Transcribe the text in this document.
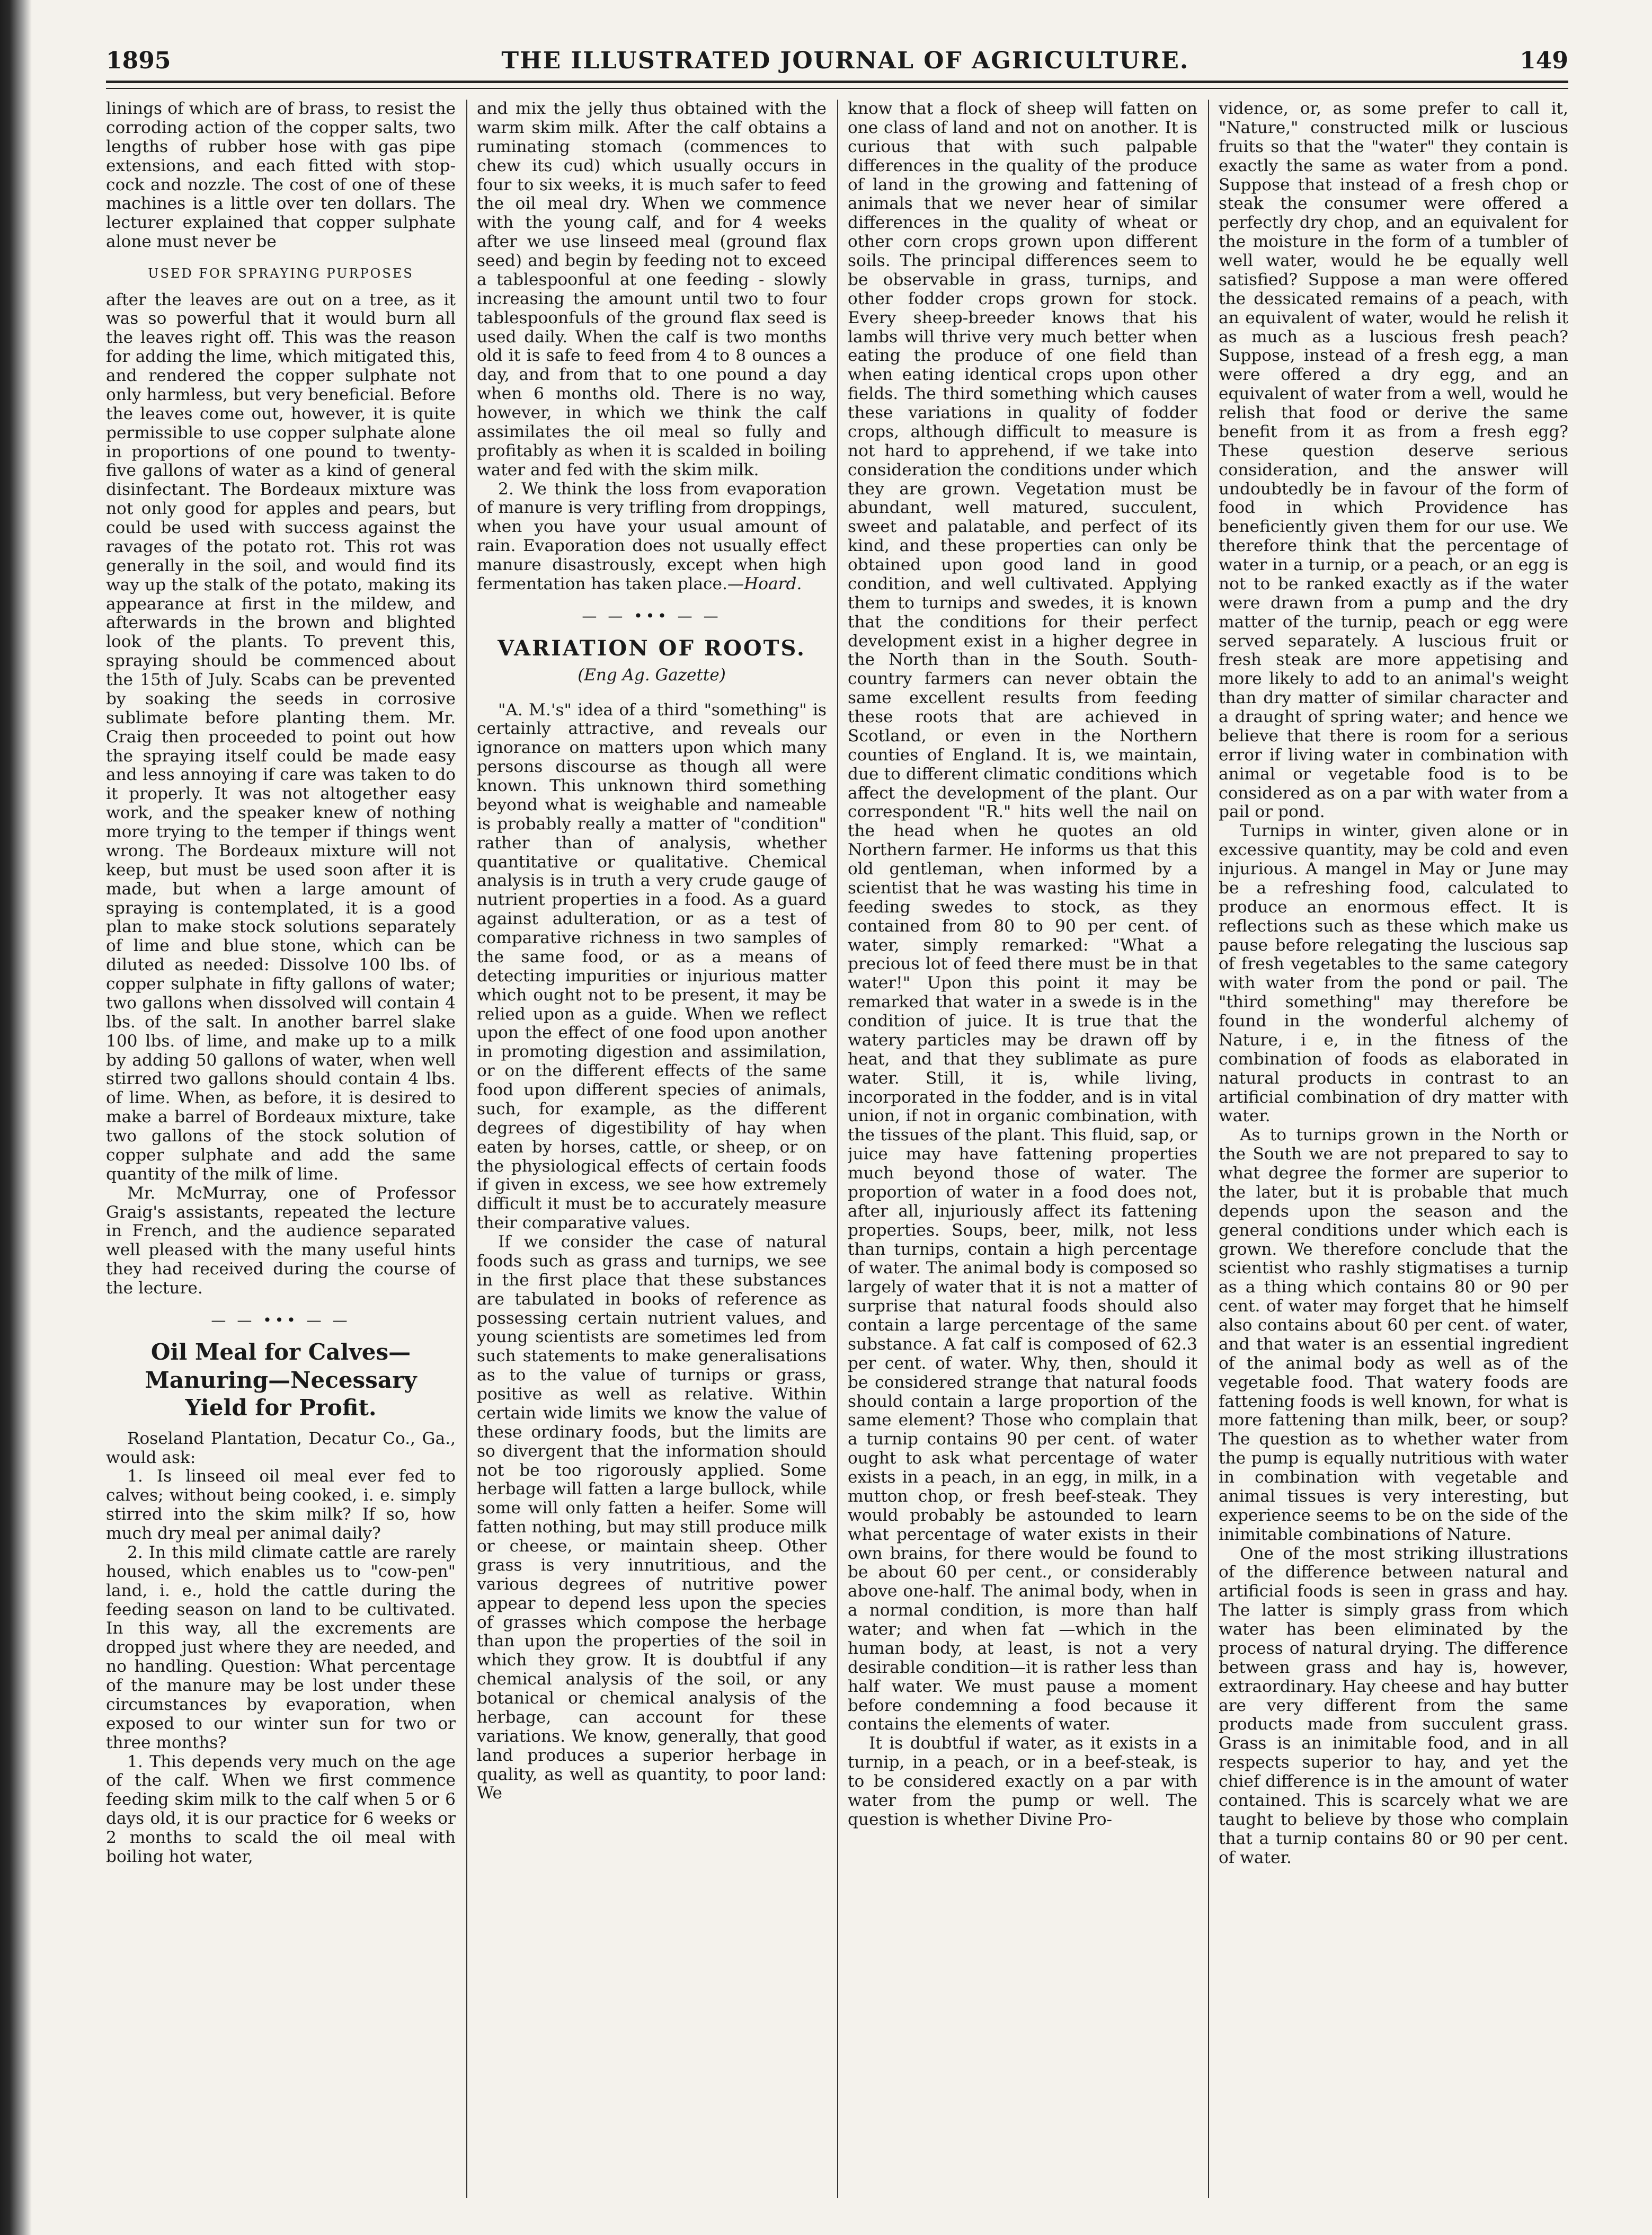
1895	THE ILLUSTRATED JOURNAL OF AGRICULTURE.	149

linings of which are of brass, to resist the corroding action of the copper salts, two lengths of rubber hose with gas pipe extensions, and each fitted with stop-cock and nozzle. The cost of one of these machines is a little over ten dollars. The lecturer explained that copper sulphate alone must never be

USED FOR SPRAYING PURPOSES

after the leaves are out on a tree, as it was so powerful that it would burn all the leaves right off. This was the reason for adding the lime, which mitigated this, and rendered the copper sulphate not only harmless, but very beneficial. Before the leaves come out, however, it is quite permissible to use copper sulphate alone in proportions of one pound to twenty-five gallons of water as a kind of general disinfectant. The Bordeaux mixture was not only good for apples and pears, but could be used with success against the ravages of the potato rot. This rot was generally in the soil, and would find its way up the stalk of the potato, making its appearance at first in the mildew, and afterwards in the brown and blighted look of the plants. To prevent this, spraying should be commenced about the 15th of July. Scabs can be prevented by soaking the seeds in corrosive sublimate before planting them. Mr. Craig then proceeded to point out how the spraying itself could be made easy and less annoying if care was taken to do it properly. It was not altogether easy work, and the speaker knew of nothing more trying to the temper if things went wrong. The Bordeaux mixture will not keep, but must be used soon after it is made, but when a large amount of spraying is contemplated, it is a good plan to make stock solutions separately of lime and blue stone, which can be diluted as needed: Dissolve 100 lbs. of copper sulphate in fifty gallons of water; two gallons when dissolved will contain 4 lbs. of the salt. In another barrel slake 100 lbs. of lime, and make up to a milk by adding 50 gallons of water, when well stirred two gallons should contain 4 lbs. of lime. When, as before, it is desired to make a barrel of Bordeaux mixture, take two gallons of the stock solution of copper sulphate and add the same quantity of the milk of lime.

Mr. McMurray, one of Professor Graig's assistants, repeated the lecture in French, and the audience separated well pleased with the many useful hints they had received during the course of the lecture.

— — ••• — —
Oil Meal for Calves—Manuring—Necessary Yield for Profit.

Roseland Plantation, Decatur Co., Ga., would ask:

1. Is linseed oil meal ever fed to calves; without being cooked, i. e. simply stirred into the skim milk? If so, how much dry meal per animal daily?

2. In this mild climate cattle are rarely housed, which enables us to "cow-pen" land, i. e., hold the cattle during the feeding season on land to be cultivated. In this way, all the excrements are dropped just where they are needed, and no handling. Question: What percentage of the manure may be lost under these circumstances by evaporation, when exposed to our winter sun for two or three months?

1. This depends very much on the age of the calf. When we first commence feeding skim milk to the calf when 5 or 6 days old, it is our practice for 6 weeks or 2 months to scald the oil meal with boiling hot water,

and mix the jelly thus obtained with the warm skim milk. After the calf obtains a ruminating stomach (commences to chew its cud) which usually occurs in four to six weeks, it is much safer to feed the oil meal dry. When we commence with the young calf, and for 4 weeks after we use linseed meal (ground flax seed) and begin by feeding not to exceed a tablespoonful at one feeding - slowly increasing the amount until two to four tablespoonfuls of the ground flax seed is used daily. When the calf is two months old it is safe to feed from 4 to 8 ounces a day, and from that to one pound a day when 6 months old. There is no way, however, in which we think the calf assimilates the oil meal so fully and profitably as when it is scalded in boiling water and fed with the skim milk.

2. We think the loss from evaporation of manure is very trifling from droppings, when you have your usual amount of rain. Evaporation does not usually effect manure disastrously, except when high fermentation has taken place.—Hoard.

— — ••• — —
VARIATION OF ROOTS.
(Eng Ag. Gazette)

"A. M.'s" idea of a third "something" is certainly attractive, and reveals our ignorance on matters upon which many persons discourse as though all were known. This unknown third something beyond what is weighable and nameable is probably really a matter of "condition" rather than of analysis, whether quantitative or qualitative. Chemical analysis is in truth a very crude gauge of nutrient properties in a food. As a guard against adulteration, or as a test of comparative richness in two samples of the same food, or as a means of detecting impurities or injurious matter which ought not to be present, it may be relied upon as a guide. When we reflect upon the effect of one food upon another in promoting digestion and assimilation, or on the different effects of the same food upon different species of animals, such, for example, as the different degrees of digestibility of hay when eaten by horses, cattle, or sheep, or on the physiological effects of certain foods if given in excess, we see how extremely difficult it must be to accurately measure their comparative values.

If we consider the case of natural foods such as grass and turnips, we see in the first place that these substances are tabulated in books of reference as possessing certain nutrient values, and young scientists are sometimes led from such statements to make generalisations as to the value of turnips or grass, positive as well as relative. Within certain wide limits we know the value of these ordinary foods, but the limits are so divergent that the information should not be too rigorously applied. Some herbage will fatten a large bullock, while some will only fatten a heifer. Some will fatten nothing, but may still produce milk or cheese, or maintain sheep. Other grass is very innutritious, and the various degrees of nutritive power appear to depend less upon the species of grasses which compose the herbage than upon the properties of the soil in which they grow. It is doubtful if any chemical analysis of the soil, or any botanical or chemical analysis of the herbage, can account for these variations. We know, generally, that good land produces a superior herbage in quality, as well as quantity, to poor land: We

know that a flock of sheep will fatten on one class of land and not on another. It is curious that with such palpable differences in the quality of the produce of land in the growing and fattening of animals that we never hear of similar differences in the quality of wheat or other corn crops grown upon different soils. The principal differences seem to be observable in grass, turnips, and other fodder crops grown for stock. Every sheep-breeder knows that his lambs will thrive very much better when eating the produce of one field than when eating identical crops upon other fields. The third something which causes these variations in quality of fodder crops, although difficult to measure is not hard to apprehend, if we take into consideration the conditions under which they are grown. Vegetation must be abundant, well matured, succulent, sweet and palatable, and perfect of its kind, and these properties can only be obtained upon good land in good condition, and well cultivated. Applying them to turnips and swedes, it is known that the conditions for their perfect development exist in a higher degree in the North than in the South. South-country farmers can never obtain the same excellent results from feeding these roots that are achieved in Scotland, or even in the Northern counties of England. It is, we maintain, due to different climatic conditions which affect the development of the plant. Our correspondent "R." hits well the nail on the head when he quotes an old Northern farmer. He informs us that this old gentleman, when informed by a scientist that he was wasting his time in feeding swedes to stock, as they contained from 80 to 90 per cent. of water, simply remarked: "What a precious lot of feed there must be in that water!" Upon this point it may be remarked that water in a swede is in the condition of juice. It is true that the watery particles may be drawn off by heat, and that they sublimate as pure water. Still, it is, while living, incorporated in the fodder, and is in vital union, if not in organic combination, with the tissues of the plant. This fluid, sap, or juice may have fattening properties much beyond those of water. The proportion of water in a food does not, after all, injuriously affect its fattening properties. Soups, beer, milk, not less than turnips, contain a high percentage of water. The animal body is composed so largely of water that it is not a matter of surprise that natural foods should also contain a large percentage of the same substance. A fat calf is composed of 62.3 per cent. of water. Why, then, should it be considered strange that natural foods should contain a large proportion of the same element? Those who complain that a turnip contains 90 per cent. of water ought to ask what percentage of water exists in a peach, in an egg, in milk, in a mutton chop, or fresh beef-steak. They would probably be astounded to learn what percentage of water exists in their own brains, for there would be found to be about 60 per cent., or considerably above one-half. The animal body, when in a normal condition, is more than half water; and when fat —which in the human body, at least, is not a very desirable condition—it is rather less than half water. We must pause a moment before condemning a food because it contains the elements of water.

It is doubtful if water, as it exists in a turnip, in a peach, or in a beef-steak, is to be considered exactly on a par with water from the pump or well. The question is whether Divine Pro-

vidence, or, as some prefer to call it, "Nature," constructed milk or luscious fruits so that the "water" they contain is exactly the same as water from a pond. Suppose that instead of a fresh chop or steak the consumer were offered a perfectly dry chop, and an equivalent for the moisture in the form of a tumbler of well water, would he be equally well satisfied? Suppose a man were offered the dessicated remains of a peach, with an equivalent of water, would he relish it as much as a luscious fresh peach? Suppose, instead of a fresh egg, a man were offered a dry egg, and an equivalent of water from a well, would he relish that food or derive the same benefit from it as from a fresh egg? These question deserve serious consideration, and the answer will undoubtedly be in favour of the form of food in which Providence has beneficiently given them for our use. We therefore think that the percentage of water in a turnip, or a peach, or an egg is not to be ranked exactly as if the water were drawn from a pump and the dry matter of the turnip, peach or egg were served separately. A luscious fruit or fresh steak are more appetising and more likely to add to an animal's weight than dry matter of similar character and a draught of spring water; and hence we believe that there is room for a serious error if living water in combination with animal or vegetable food is to be considered as on a par with water from a pail or pond.

Turnips in winter, given alone or in excessive quantity, may be cold and even injurious. A mangel in May or June may be a refreshing food, calculated to produce an enormous effect. It is reflections such as these which make us pause before relegating the luscious sap of fresh vegetables to the same category with water from the pond or pail. The "third something" may therefore be found in the wonderful alchemy of Nature, i e, in the fitness of the combination of foods as elaborated in natural products in contrast to an artificial combination of dry matter with water.

As to turnips grown in the North or the South we are not prepared to say to what degree the former are superior to the later, but it is probable that much depends upon the season and the general conditions under which each is grown. We therefore conclude that the scientist who rashly stigmatises a turnip as a thing which contains 80 or 90 per cent. of water may forget that he himself also contains about 60 per cent. of water, and that water is an essential ingredient of the animal body as well as of the vegetable food. That watery foods are fattening foods is well known, for what is more fattening than milk, beer, or soup? The question as to whether water from the pump is equally nutritious with water in combination with vegetable and animal tissues is very interesting, but experience seems to be on the side of the inimitable combinations of Nature.

One of the most striking illustrations of the difference between natural and artificial foods is seen in grass and hay. The latter is simply grass from which water has been eliminated by the process of natural drying. The difference between grass and hay is, however, extraordinary. Hay cheese and hay butter are very different from the same products made from succulent grass. Grass is an inimitable food, and in all respects superior to hay, and yet the chief difference is in the amount of water contained. This is scarcely what we are taught to believe by those who complain that a turnip contains 80 or 90 per cent. of water.
